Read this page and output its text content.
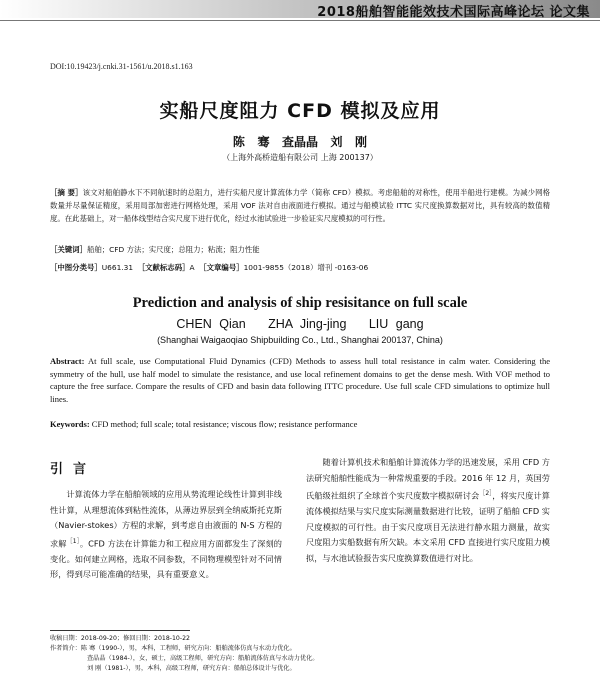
2018船舶智能能效技术国际高峰论坛 论文集
DOI:10.19423/j.cnki.31-1561/u.2018.s1.163
实船尺度阻力 CFD 模拟及应用
陈   骞   查晶晶   刘   刚
（上海外高桥造船有限公司 上海 200137）
［摘 要］该文对船舶静水下不同航速时的总阻力，进行实船尺度计算流体力学（简称 CFD）模拟。考虑船舶的对称性，使用半船进行建模。为减少网格数量并尽量保证精度，采用局部加密进行网格处理，采用 VOF 法对自由液面进行模拟。通过与船模试验 ITTC 实尺度换算数据对比，具有较高的数值精度。在此基础上，对一船体线型结合实尺度下进行优化，经过水池试验进一步验证实尺度模拟的可行性。
［关键词］船舶；CFD 方法；实尺度；总阻力；粘流；阻力性能
［中图分类号］U661.31 ［文献标志码］A ［文章编号］1001-9855（2018）增刊 -0163-06
Prediction and analysis of ship resisitance on full scale
CHEN Qian   ZHA Jing-jing   LIU gang
(Shanghai Waigaoqiao Shipbuilding Co., Ltd., Shanghai 200137, China)
Abstract: At full scale, use Computational Fluid Dynamics (CFD) Methods to assess hull total resistance in calm water. Considering the symmetry of the hull, use half model to simulate the resistance, and use local refinement domains to get the dense mesh. With VOF method to capture the free surface. Compare the results of CFD and basin data following ITTC procedure. Use full scale CFD simulations to optimize hull lines.
Keywords: CFD method; full scale; total resistance; viscous flow; resistance performance
引言
计算流体力学在船舶领域的应用从势流理论线性计算到非线性计算，从理想流体到粘性流体，从薄边界层到全纳威斯托克斯（Navier-stokes）方程的求解，到考虑自由液面的 N-S 方程的求解$^{[1]}$。CFD 方法在计算能力和工程应用方面都发生了深刻的变化。如何建立网格，选取不同参数，不同物理模型针对不同情形，得到尽可能准确的结果，具有重要意义。
随着计算机技术和船舶计算流体力学的迅速发展，采用 CFD 方法研究船舶性能成为一种常规重要的手段。2016 年 12 月，英国劳氏船级社组织了全球首个实尺度数字模拟研讨会$^{[2]}$，将实尺度计算流体模拟结果与实尺度实际测量数据进行比较，证明了船舶 CFD 实尺度模拟的可行性。由于实尺度项目无法进行静水阻力测量，故实尺度阻力实船数据有所欠缺。本文采用 CFD 直接进行实尺度阻力模拟，与水池试验报告实尺度换算数值进行对比。
收稿日期：2018-09-20；修回日期：2018-10-22
作者简介：陈 骞（1990-），男，本科，工程师，研究方向：船舶流体仿真与水动力优化。
查晶晶（1984-），女，硕士，高级工程师，研究方向：船舶流体仿真与水动力优化。
刘 刚（1981-），男，本科，高级工程师，研究方向：船舶总体设计与优化。
